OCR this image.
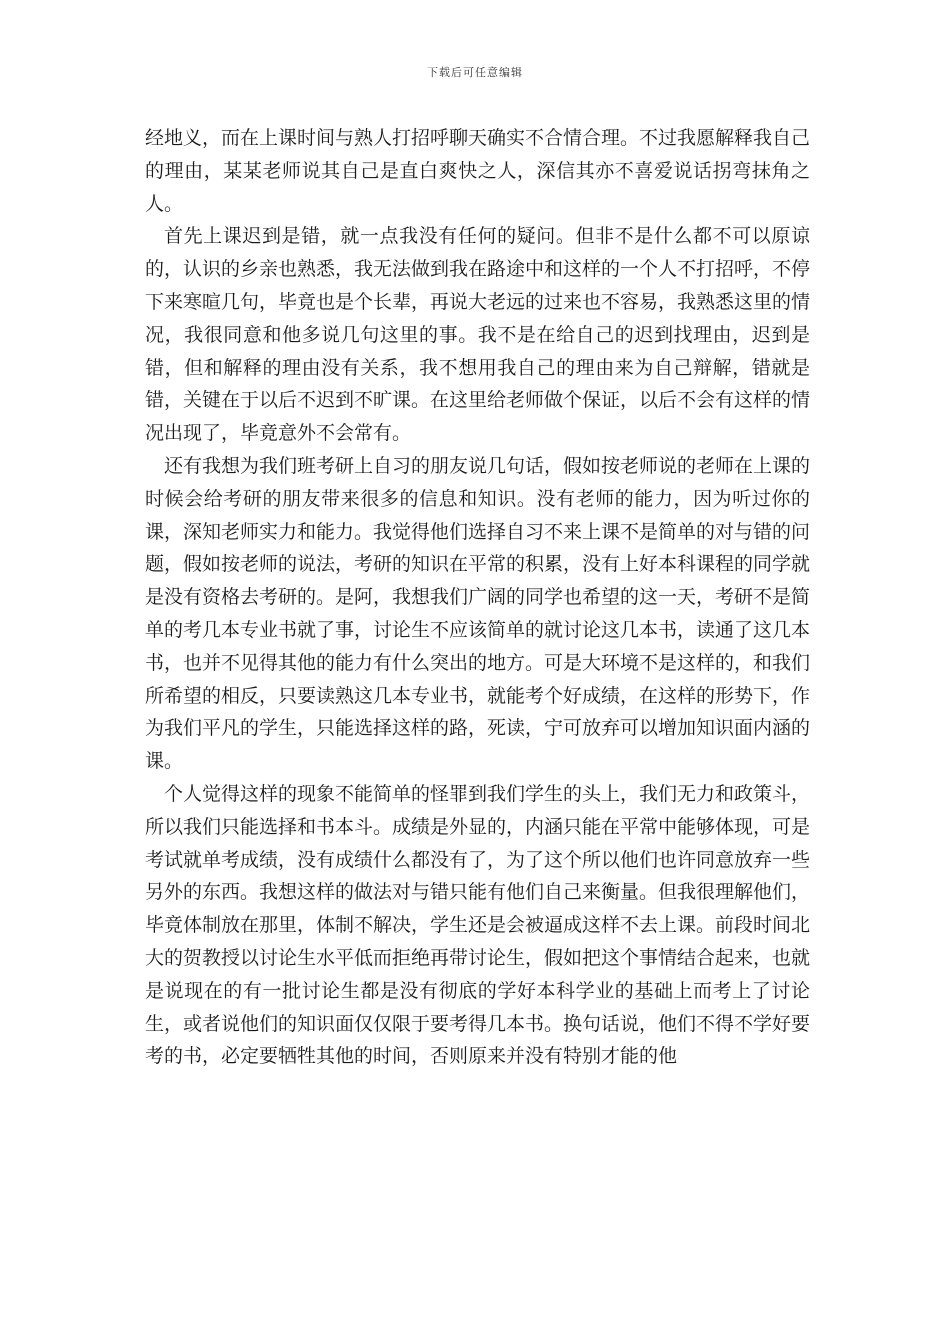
下载后可任意编辑

经地义，而在上课时间与熟人打招呼聊天确实不合情合理。不过我愿解释我自己的理由，某某老师说其自己是直白爽快之人，深信其亦不喜爱说话拐弯抹角之人。

首先上课迟到是错，就一点我没有任何的疑问。但非不是什么都不可以原谅的，认识的乡亲也熟悉，我无法做到我在路途中和这样的一个人不打招呼，不停下来寒暄几句，毕竟也是个长辈，再说大老远的过来也不容易，我熟悉这里的情况，我很同意和他多说几句这里的事。我不是在给自己的迟到找理由，迟到是错，但和解释的理由没有关系，我不想用我自己的理由来为自己辩解，错就是错，关键在于以后不迟到不旷课。在这里给老师做个保证，以后不会有这样的情况出现了，毕竟意外不会常有。

还有我想为我们班考研上自习的朋友说几句话，假如按老师说的老师在上课的时候会给考研的朋友带来很多的信息和知识。没有老师的能力，因为听过你的课，深知老师实力和能力。我觉得他们选择自习不来上课不是简单的对与错的问题，假如按老师的说法，考研的知识在平常的积累，没有上好本科课程的同学就是没有资格去考研的。是阿，我想我们广阔的同学也希望的这一天，考研不是简单的考几本专业书就了事，讨论生不应该简单的就讨论这几本书，读通了这几本书，也并不见得其他的能力有什么突出的地方。可是大环境不是这样的，和我们所希望的相反，只要读熟这几本专业书，就能考个好成绩，在这样的形势下，作为我们平凡的学生，只能选择这样的路，死读，宁可放弃可以增加知识面内涵的课。

个人觉得这样的现象不能简单的怪罪到我们学生的头上，我们无力和政策斗，所以我们只能选择和书本斗。成绩是外显的，内涵只能在平常中能够体现，可是考试就单考成绩，没有成绩什么都没有了，为了这个所以他们也许同意放弃一些另外的东西。我想这样的做法对与错只能有他们自己来衡量。但我很理解他们，毕竟体制放在那里，体制不解决，学生还是会被逼成这样不去上课。前段时间北大的贺教授以讨论生水平低而拒绝再带讨论生，假如把这个事情结合起来，也就是说现在的有一批讨论生都是没有彻底的学好本科学业的基础上而考上了讨论生，或者说他们的知识面仅仅限于要考得几本书。换句话说，他们不得不学好要考的书，必定要牺牲其他的时间，否则原来并没有特别才能的他
